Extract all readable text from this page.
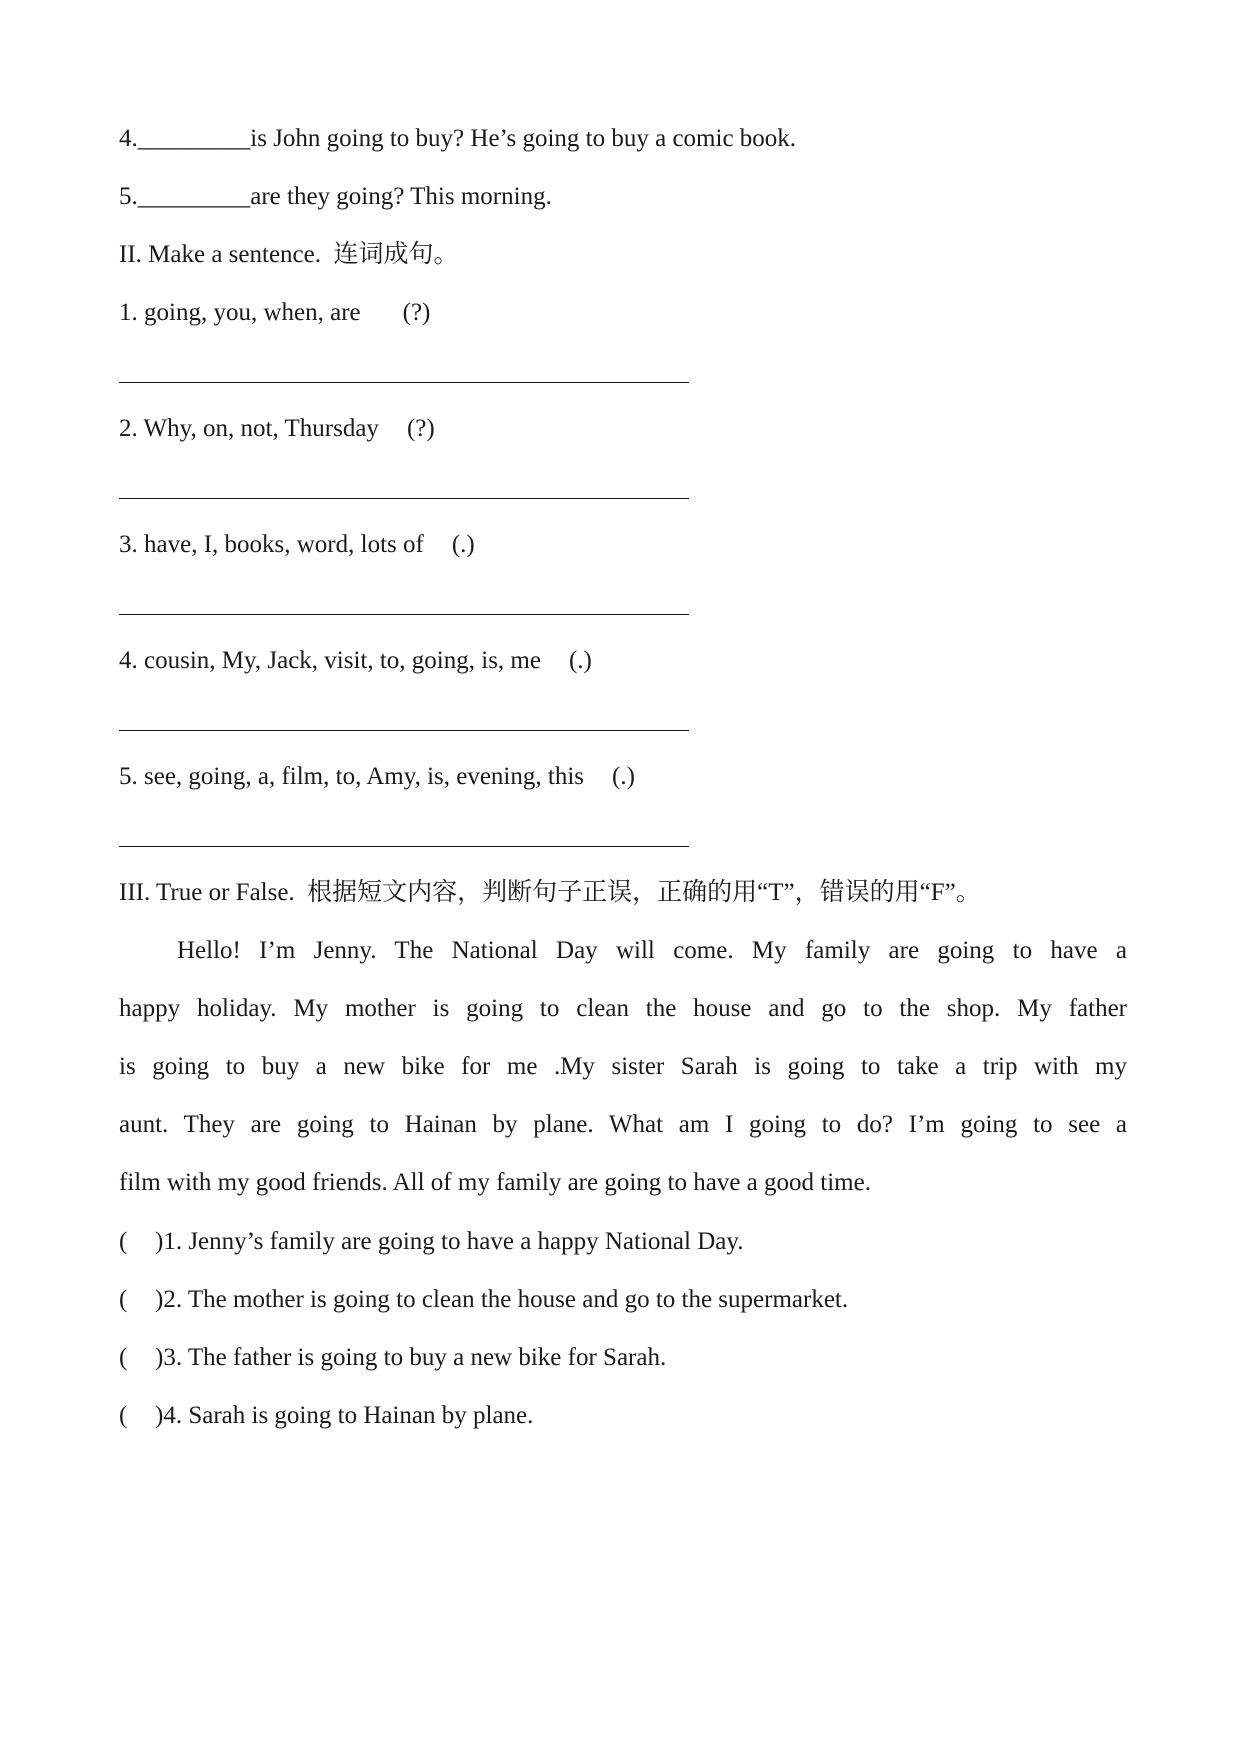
4._________is John going to buy? He’s going to buy a comic book.
5._________are they going? This morning.
II. Make a sentence.  连词成句。
1. going, you, when, are (?)
2. Why, on, not, Thursday (?)
3. have, I, books, word, lots of (.)
4. cousin, My, Jack, visit, to, going, is, me (.)
5. see, going, a, film, to, Amy, is, evening, this (.)
III. True or False.  根据短文内容，判断句子正误，正确的用“T”，错误的用“F”。
Hello! I’m Jenny. The National Day will come. My family are going to have a
happy holiday. My mother is going to clean the house and go to the shop. My father
is going to buy a new bike for me .My sister Sarah is going to take a trip with my
aunt. They are going to Hainan by plane. What am I going to do? I’m going to see a
film with my good friends. All of my family are going to have a good time.
( )1. Jenny’s family are going to have a happy National Day.
( )2. The mother is going to clean the house and go to the supermarket.
( )3. The father is going to buy a new bike for Sarah.
( )4. Sarah is going to Hainan by plane.
